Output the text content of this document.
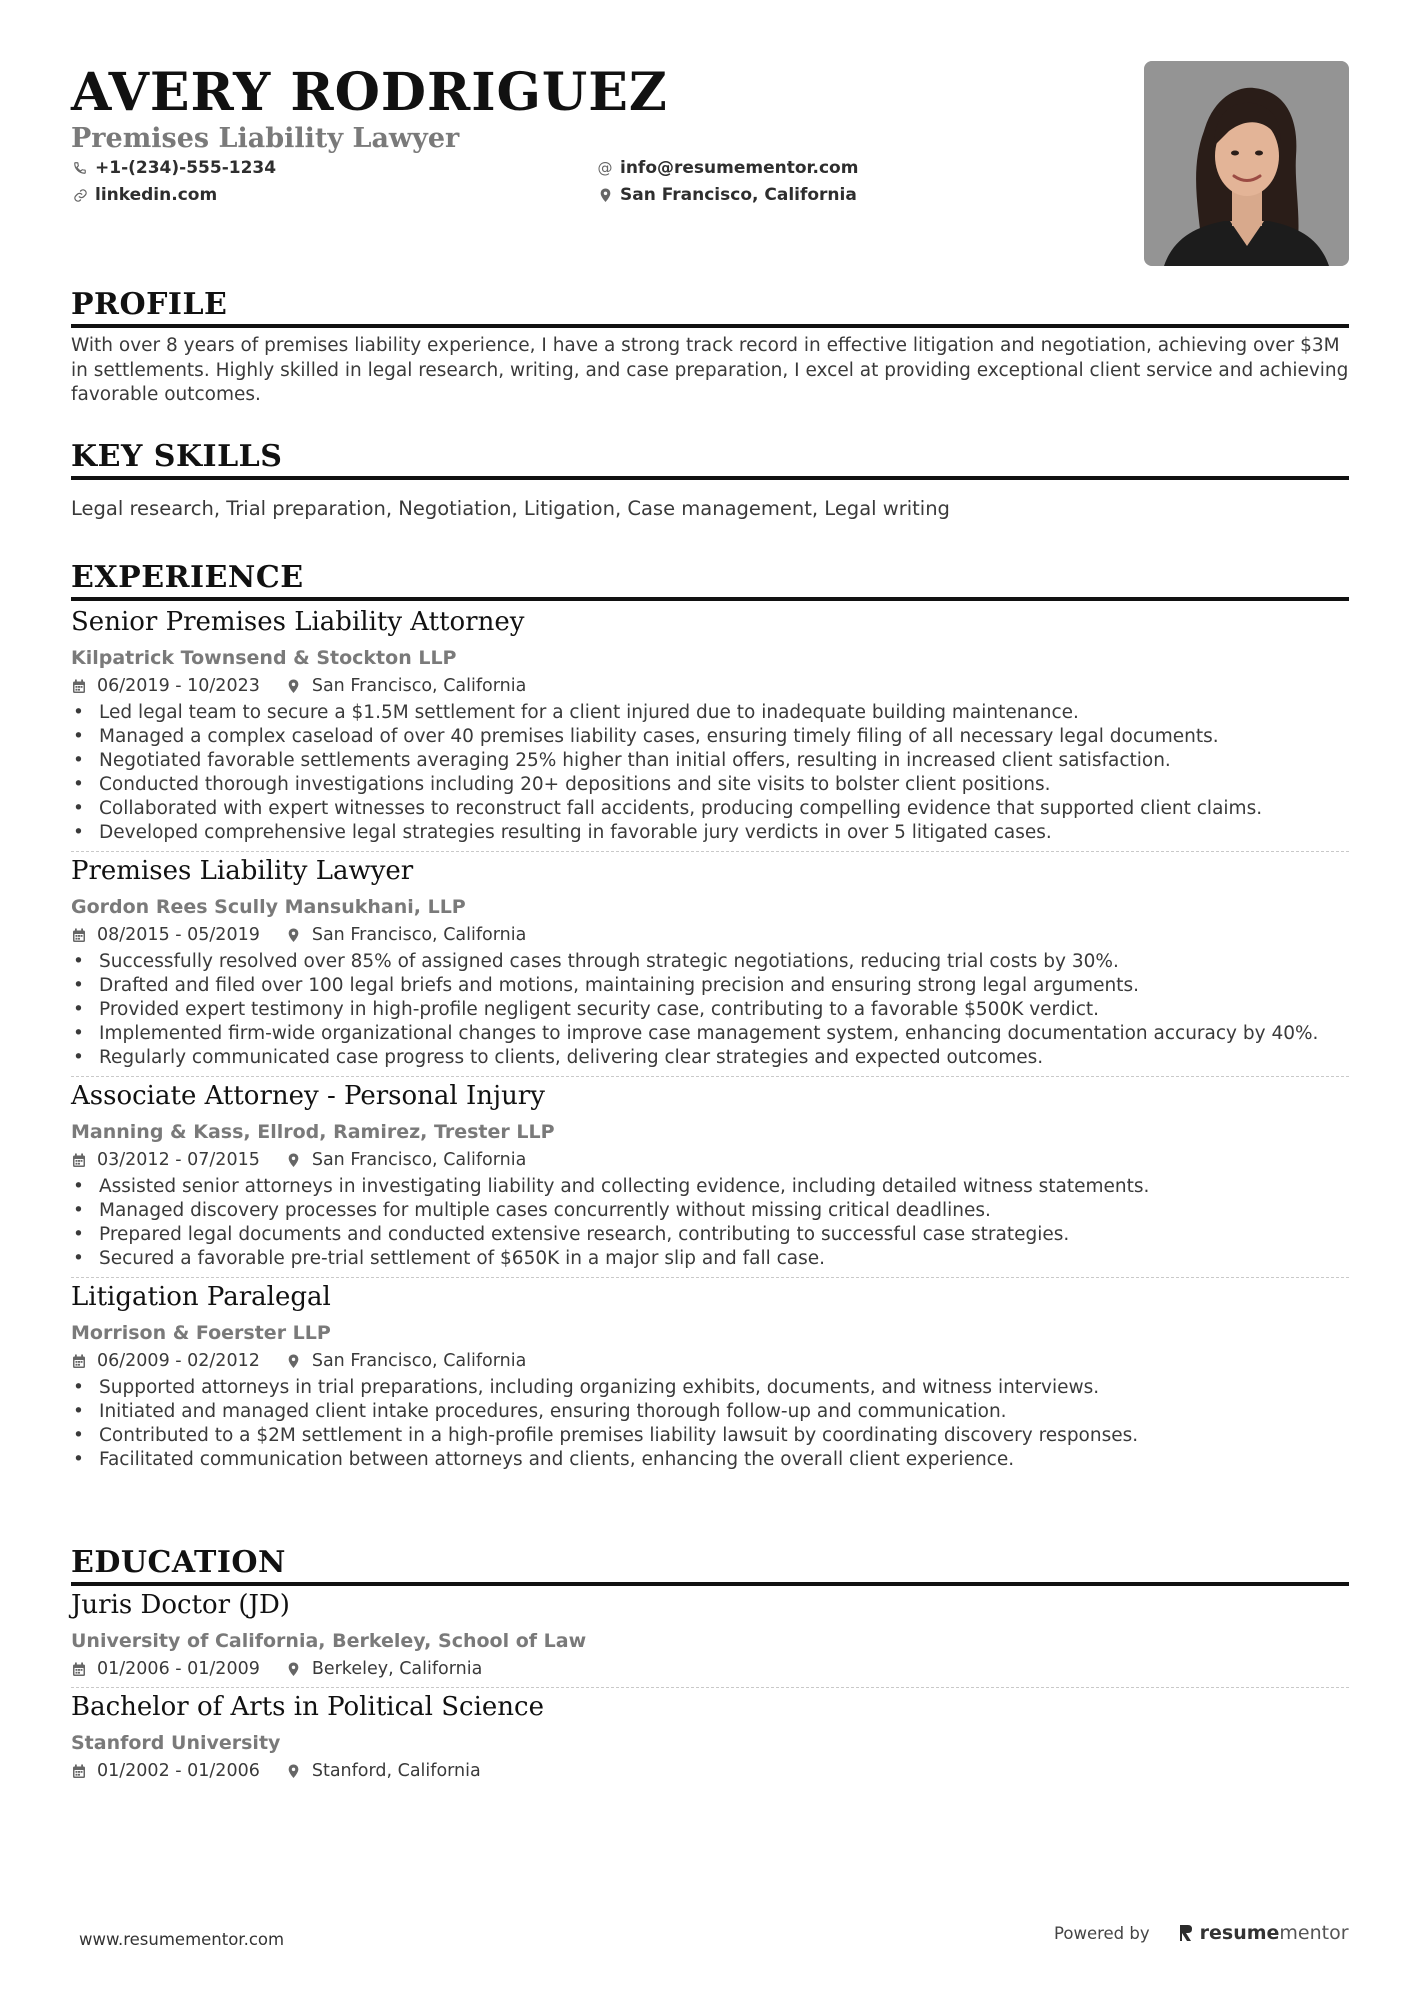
AVERY RODRIGUEZ
Premises Liability Lawyer
+1-(234)-555-1234	@ info@resumementor.com
linkedin.com	San Francisco, California
PROFILE

With over 8 years of premises liability experience, I have a strong track record in effective litigation and negotiation, achieving over $3M in settlements. Highly skilled in legal research, writing, and case preparation, I excel at providing exceptional client service and achieving favorable outcomes.

KEY SKILLS

Legal research, Trial preparation, Negotiation, Litigation, Case management, Legal writing

EXPERIENCE
Senior Premises Liability Attorney
Kilpatrick Townsend & Stockton LLP
06/2019 - 10/2023	San Francisco, California
• Led legal team to secure a $1.5M settlement for a client injured due to inadequate building maintenance.
• Managed a complex caseload of over 40 premises liability cases, ensuring timely filing of all necessary legal documents.
• Negotiated favorable settlements averaging 25% higher than initial offers, resulting in increased client satisfaction.
• Conducted thorough investigations including 20+ depositions and site visits to bolster client positions.
• Collaborated with expert witnesses to reconstruct fall accidents, producing compelling evidence that supported client claims.
• Developed comprehensive legal strategies resulting in favorable jury verdicts in over 5 litigated cases.
Premises Liability Lawyer
Gordon Rees Scully Mansukhani, LLP
08/2015 - 05/2019	San Francisco, California
• Successfully resolved over 85% of assigned cases through strategic negotiations, reducing trial costs by 30%.
• Drafted and filed over 100 legal briefs and motions, maintaining precision and ensuring strong legal arguments.
• Provided expert testimony in high-profile negligent security case, contributing to a favorable $500K verdict.
• Implemented firm-wide organizational changes to improve case management system, enhancing documentation accuracy by 40%.
• Regularly communicated case progress to clients, delivering clear strategies and expected outcomes.
Associate Attorney - Personal Injury
Manning & Kass, Ellrod, Ramirez, Trester LLP
03/2012 - 07/2015	San Francisco, California
• Assisted senior attorneys in investigating liability and collecting evidence, including detailed witness statements.
• Managed discovery processes for multiple cases concurrently without missing critical deadlines.
• Prepared legal documents and conducted extensive research, contributing to successful case strategies.
• Secured a favorable pre-trial settlement of $650K in a major slip and fall case.
Litigation Paralegal
Morrison & Foerster LLP
06/2009 - 02/2012	San Francisco, California
• Supported attorneys in trial preparations, including organizing exhibits, documents, and witness interviews.
• Initiated and managed client intake procedures, ensuring thorough follow-up and communication.
• Contributed to a $2M settlement in a high-profile premises liability lawsuit by coordinating discovery responses.
• Facilitated communication between attorneys and clients, enhancing the overall client experience.
EDUCATION
Juris Doctor (JD)
University of California, Berkeley, School of Law
01/2006 - 01/2009	Berkeley, California
Bachelor of Arts in Political Science
Stanford University
01/2002 - 01/2006	Stanford, California
www.resumementor.com	Powered by	resume mentor
